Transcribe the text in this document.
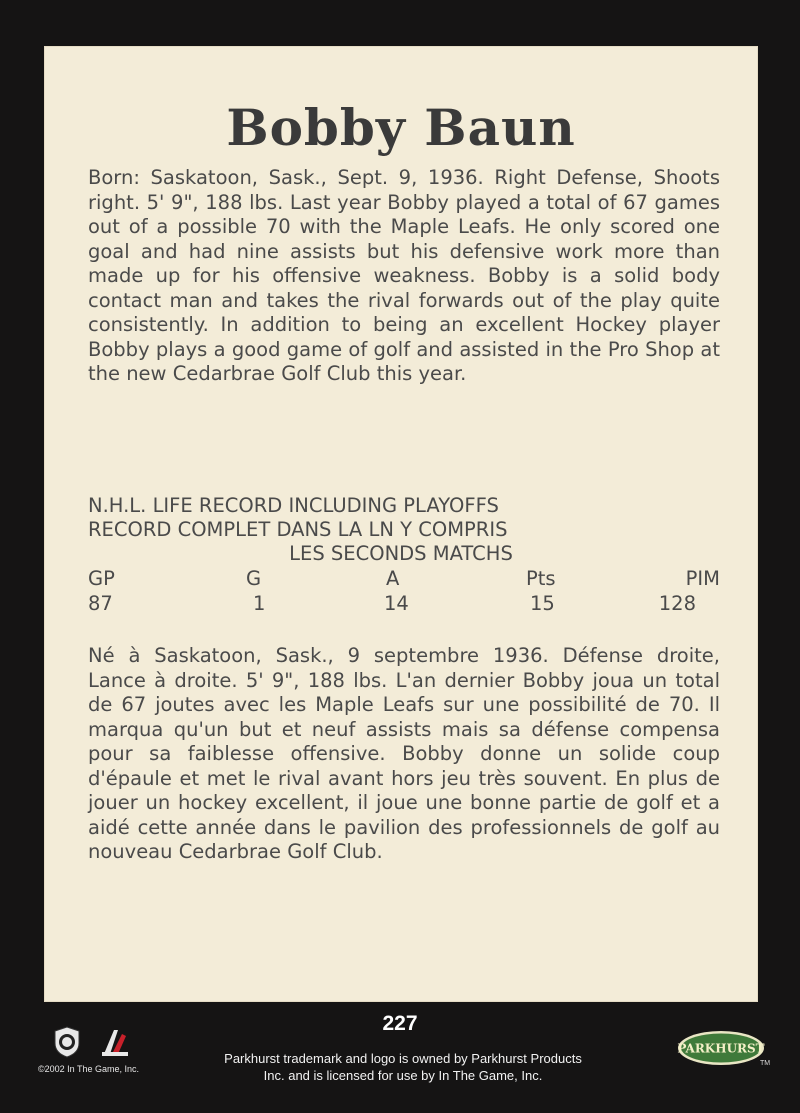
Bobby Baun

Born: Saskatoon, Sask., Sept. 9, 1936. Right Defense, Shoots right. 5' 9", 188 lbs. Last year Bobby played a total of 67 games out of a possible 70 with the Maple Leafs. He only scored one goal and had nine assists but his defensive work more than made up for his offensive weakness. Bobby is a solid body contact man and takes the rival forwards out of the play quite consistently. In addition to being an excellent Hockey player Bobby plays a good game of golf and assisted in the Pro Shop at the new Cedarbrae Golf Club this year.

N.H.L. LIFE RECORD INCLUDING PLAYOFFS

RECORD COMPLET DANS LA LN Y COMPRIS

LES SECONDS MATCHS

GP	G	A	Pts	PIM
87	1	14	15	128

Né à Saskatoon, Sask., 9 septembre 1936. Défense droite, Lance à droite. 5' 9", 188 lbs. L'an dernier Bobby joua un total de 67 joutes avec les Maple Leafs sur une possibilité de 70. Il marqua qu'un but et neuf assists mais sa défense compensa pour sa faiblesse offensive. Bobby donne un solide coup d'épaule et met le rival avant hors jeu très souvent. En plus de jouer un hockey excellent, il joue une bonne partie de golf et a aidé cette année dans le pavilion des professionnels de golf au nouveau Cedarbrae Golf Club.

©2002 In The Game, Inc.
227
Parkhurst trademark and logo is owned by Parkhurst Products
Inc. and is licensed for use by In The Game, Inc.
PARKHURST
TM
